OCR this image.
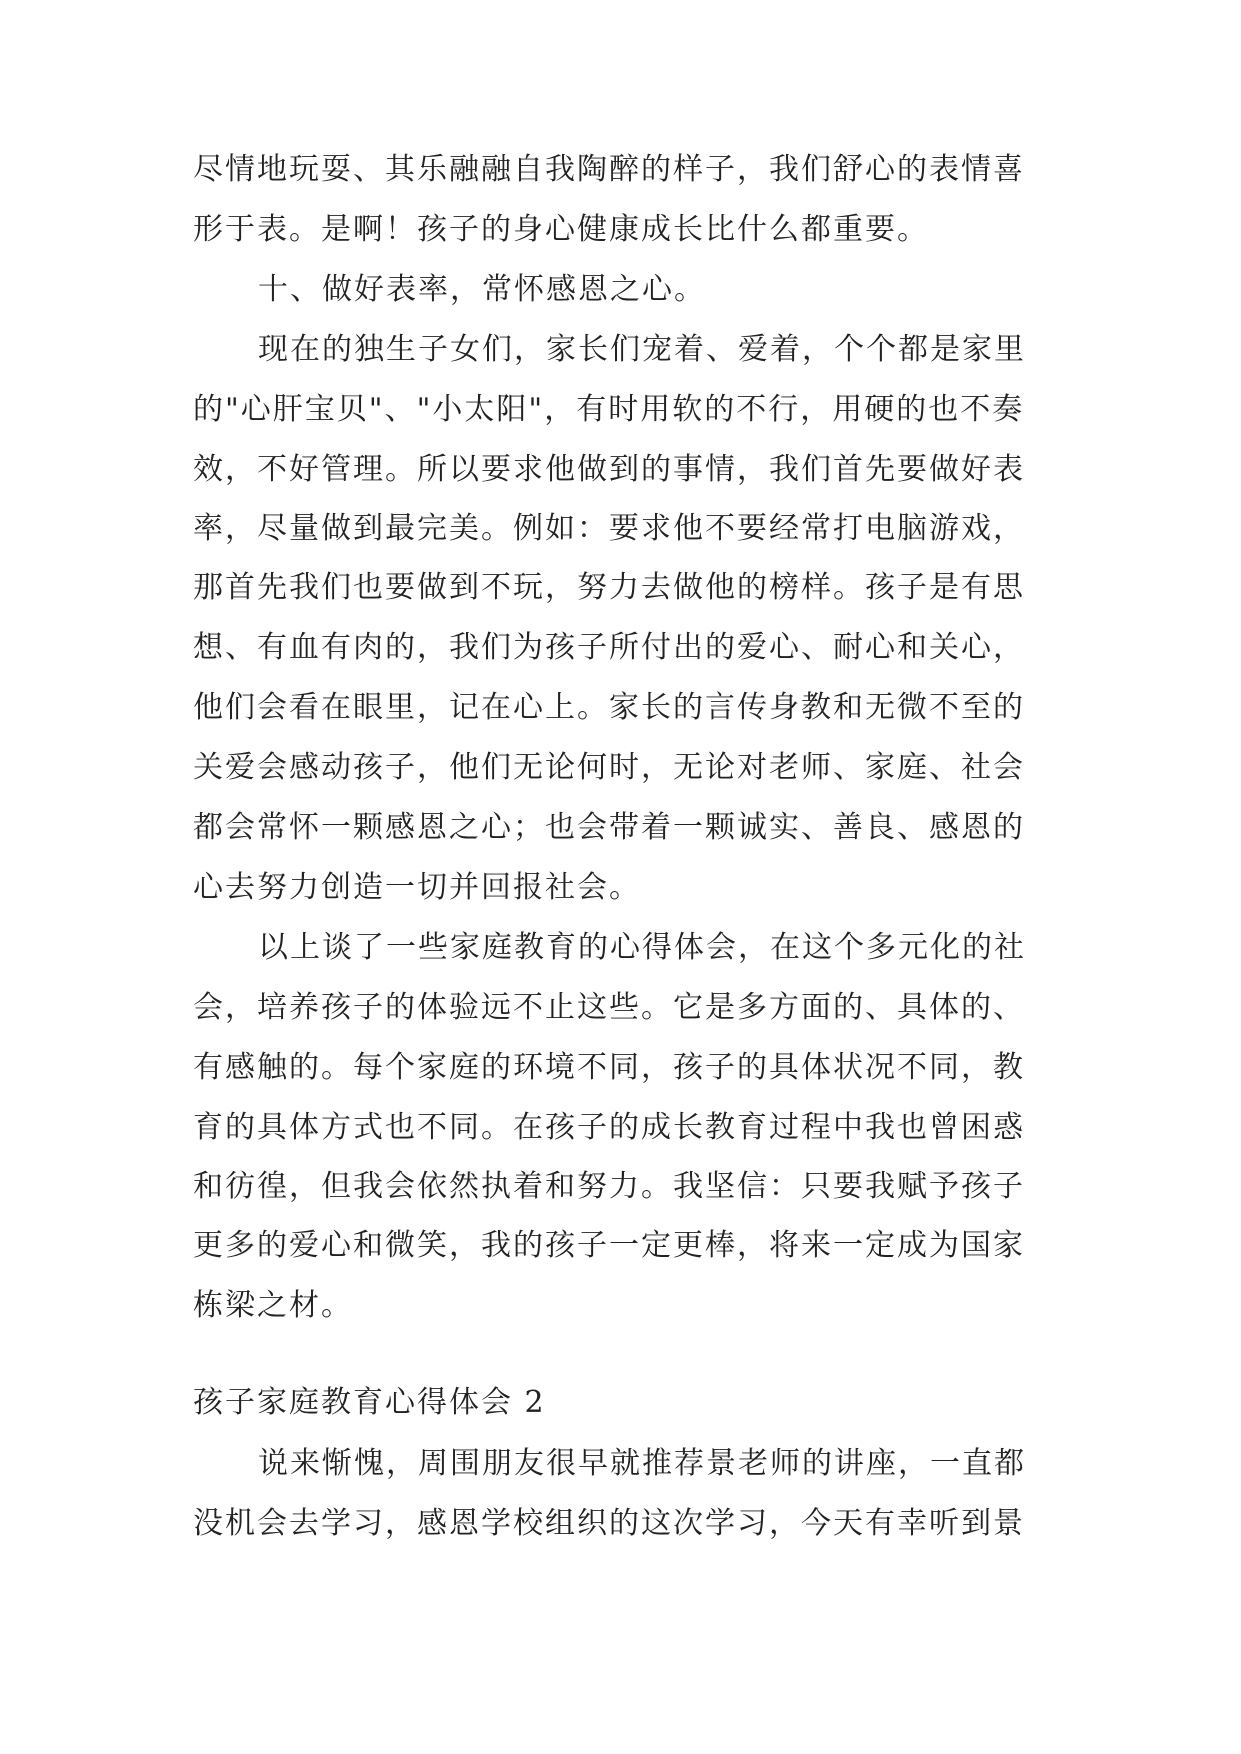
尽情地玩耍、其乐融融自我陶醉的样子，我们舒心的表情喜
形于表。是啊！孩子的身心健康成长比什么都重要。
十、做好表率，常怀感恩之心。
现在的独生子女们，家长们宠着、爱着，个个都是家里
的"心肝宝贝"、"小太阳"，有时用软的不行，用硬的也不奏
效，不好管理。所以要求他做到的事情，我们首先要做好表
率，尽量做到最完美。例如：要求他不要经常打电脑游戏，
那首先我们也要做到不玩，努力去做他的榜样。孩子是有思
想、有血有肉的，我们为孩子所付出的爱心、耐心和关心，
他们会看在眼里，记在心上。家长的言传身教和无微不至的
关爱会感动孩子，他们无论何时，无论对老师、家庭、社会
都会常怀一颗感恩之心；也会带着一颗诚实、善良、感恩的
心去努力创造一切并回报社会。
以上谈了一些家庭教育的心得体会，在这个多元化的社
会，培养孩子的体验远不止这些。它是多方面的、具体的、
有感触的。每个家庭的环境不同，孩子的具体状况不同，教
育的具体方式也不同。在孩子的成长教育过程中我也曾困惑
和彷徨，但我会依然执着和努力。我坚信：只要我赋予孩子
更多的爱心和微笑，我的孩子一定更棒，将来一定成为国家
栋梁之材。
孩子家庭教育心得体会 2
说来惭愧，周围朋友很早就推荐景老师的讲座，一直都
没机会去学习，感恩学校组织的这次学习，今天有幸听到景
